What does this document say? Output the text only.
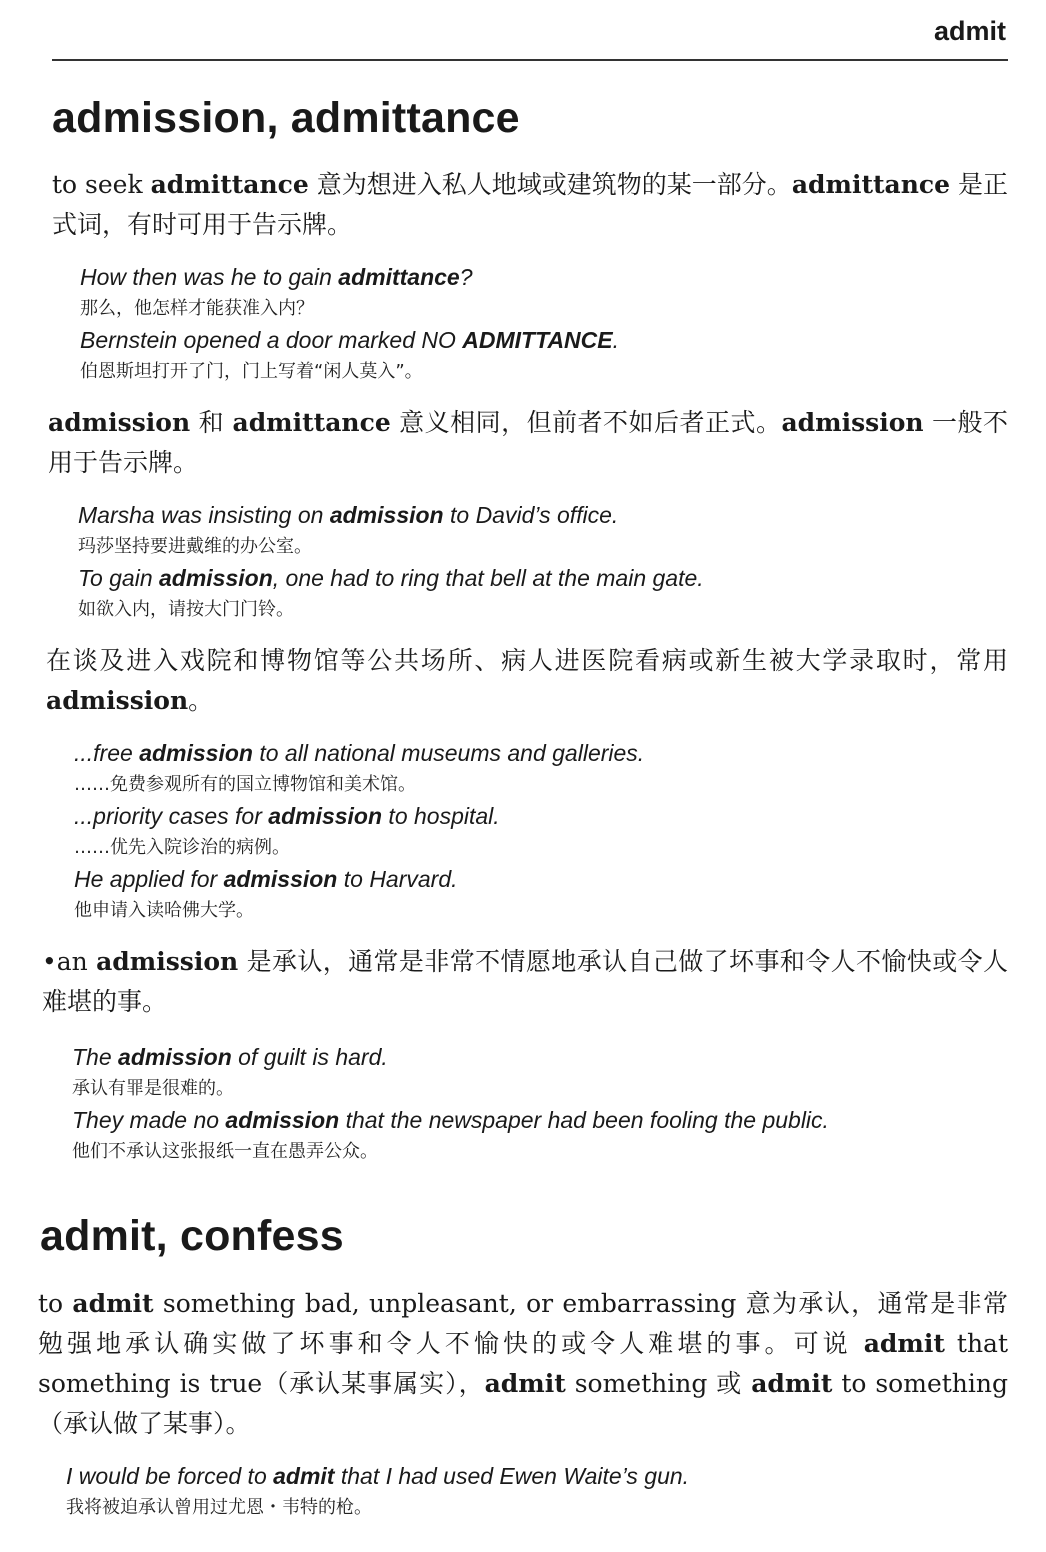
admit
admission, admittance

to seek admittance 意为想进入私人地域或建筑物的某一部分。admittance 是正式词，有时可用于告示牌。

How then was he to gain admittance?
那么，他怎样才能获准入内？
Bernstein opened a door marked NO ADMITTANCE.
伯恩斯坦打开了门，门上写着“闲人莫入”。

admission 和 admittance 意义相同，但前者不如后者正式。admission 一般不用于告示牌。

Marsha was insisting on admission to David’s office.
玛莎坚持要进戴维的办公室。
To gain admission, one had to ring that bell at the main gate.
如欲入内，请按大门门铃。

在谈及进入戏院和博物馆等公共场所、病人进医院看病或新生被大学录取时，常用 admission。

...free admission to all national museums and galleries.
……免费参观所有的国立博物馆和美术馆。
...priority cases for admission to hospital.
……优先入院诊治的病例。
He applied for admission to Harvard.
他申请入读哈佛大学。

•an admission 是承认，通常是非常不情愿地承认自己做了坏事和令人不愉快或令人难堪的事。

The admission of guilt is hard.
承认有罪是很难的。
They made no admission that the newspaper had been fooling the public.
他们不承认这张报纸一直在愚弄公众。
admit, confess

to admit something bad, unpleasant, or embarrassing 意为承认，通常是非常勉强地承认确实做了坏事和令人不愉快的或令人难堪的事。可说 admit that something is true（承认某事属实），admit something 或 admit to something（承认做了某事）。

I would be forced to admit that I had used Ewen Waite’s gun.
我将被迫承认曾用过尤恩・韦特的枪。
